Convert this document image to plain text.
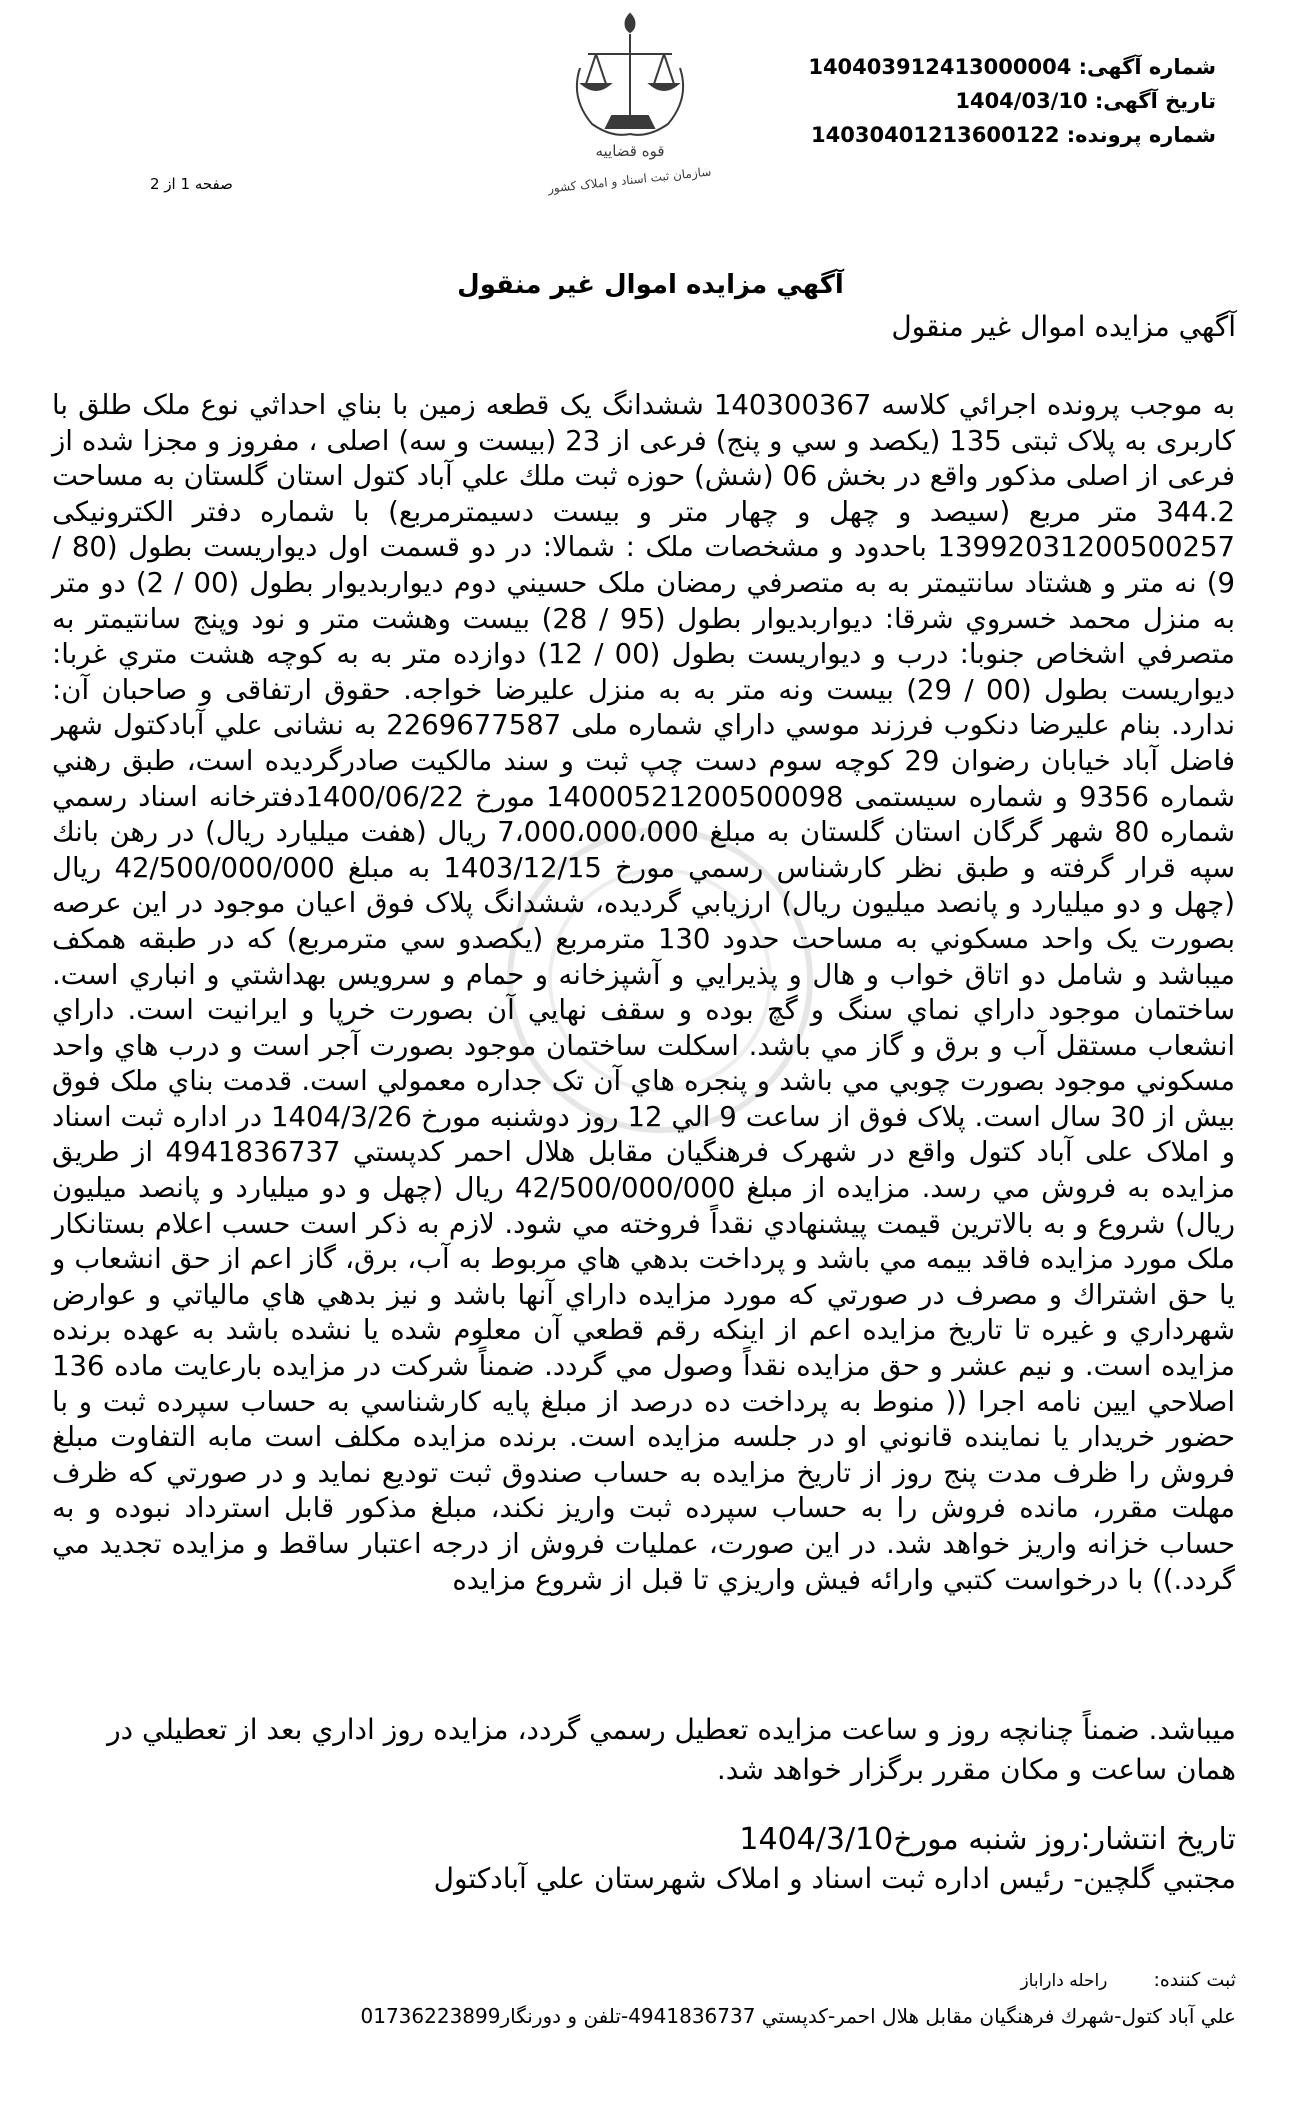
شماره آگهی: 140403912413000004
تاریخ آگهی: 1404/03/10
شماره پرونده: 14030401213600122
قوه قضاییه
سازمان ثبت اسناد و املاک کشور
صفحه 1 از 2
آگهي مزايده اموال غير منقول
آگهي مزايده اموال غير منقول
به موجب پرونده اجرائي كلاسه 140300367 ششدانگ یک قطعه زمین با بناي احداثي نوع ملک طلق با کاربری به پلاک ثبتی 135 (یکصد و سي و پنج) فرعی از 23 (بیست و سه) اصلی ، مفروز و مجزا شده از فرعی از اصلی مذکور واقع در بخش 06 (شش) حوزه ثبت ملك علي آباد كتول استان گلستان به مساحت 344.2 متر مربع (سیصد و چهل و چهار متر و بیست دسیمترمربع) با شماره دفتر الکترونیکی 13992031200500257 باحدود و مشخصات ملک : شمالا: در دو قسمت اول دیواریست بطول (80 / 9) نه متر و هشتاد سانتیمتر به به متصرفي رمضان ملک حسيني دوم ديواربديوار بطول (00 / 2) دو متر به منزل محمد خسروي شرقا: ديواربديوار بطول (95 / 28) بيست وهشت متر و نود وپنج سانتيمتر به متصرفي اشخاص جنوبا: درب و ديواريست بطول (00 / 12) دوازده متر به به کوچه هشت متري غربا: ديواريست بطول (00 / 29) بيست ونه متر به به منزل عليرضا خواجه. حقوق ارتفاقی و صاحبان آن: ندارد. بنام عليرضا دنكوب فرزند موسي داراي شماره ملی 2269677587 به نشانی علي آبادكتول شهر فاضل آباد خيابان رضوان 29 كوچه سوم دست چپ ثبت و سند مالکیت صادرگردیده است، طبق رهني شماره 9356 و شماره سيستمی 14000521200500098 مورخ 1400/06/22دفترخانه اسناد رسمي شماره 80 شهر گرگان استان گلستان به مبلغ 7،000،000،000 ريال (هفت ميليارد ريال) در رهن بانك سپه قرار گرفته و طبق نظر كارشناس رسمي مورخ 1403/12/15 به مبلغ 42/500/000/000 ريال (چهل و دو ميليارد و پانصد ميليون ريال) ارزيابي گرديده، ششدانگ پلاک فوق اعيان موجود در اين عرصه بصورت يک واحد مسكوني به مساحت حدود 130 مترمربع (يكصدو سي مترمربع) كه در طبقه همكف ميباشد و شامل دو اتاق خواب و هال و پذيرايي و آشپزخانه و حمام و سرويس بهداشتي و انباري است. ساختمان موجود داراي نماي سنگ و گچ بوده و سقف نهايي آن بصورت خرپا و ايرانيت است. داراي انشعاب مستقل آب و برق و گاز مي باشد. اسكلت ساختمان موجود بصورت آجر است و درب هاي واحد مسكوني موجود بصورت چوبي مي باشد و پنجره هاي آن تک جداره معمولي است. قدمت بناي ملک فوق بيش از 30 سال است. پلاک فوق از ساعت 9 الي 12 روز دوشنبه مورخ 1404/3/26 در اداره ثبت اسناد و املاک علی آباد کتول واقع در شهرک فرهنگيان مقابل هلال احمر كدپستي 4941836737 از طريق مزايده به فروش مي رسد. مزايده از مبلغ 42/500/000/000 ريال (چهل و دو ميليارد و پانصد ميليون ريال) شروع و به بالاترين قيمت پيشنهادي نقداً فروخته مي شود. لازم به ذکر است حسب اعلام بستانكار ملک مورد مزايده فاقد بيمه مي باشد و پرداخت بدهي هاي مربوط به آب، برق، گاز اعم از حق انشعاب و يا حق اشتراك و مصرف در صورتي كه مورد مزايده داراي آنها باشد و نيز بدهي هاي مالياتي و عوارض شهرداري و غيره تا تاريخ مزايده اعم از اينكه رقم قطعي آن معلوم شده يا نشده باشد به عهده برنده مزايده است. و نيم عشر و حق مزايده نقداً وصول مي گردد. ضمناً شرکت در مزايده بارعايت ماده 136 اصلاحي ايين نامه اجرا (( منوط به پرداخت ده درصد از مبلغ پايه كارشناسي به حساب سپرده ثبت و با حضور خريدار يا نماينده قانوني او در جلسه مزايده است. برنده مزايده مكلف است مابه التفاوت مبلغ فروش را ظرف مدت پنج روز از تاريخ مزايده به حساب صندوق ثبت توديع نمايد و در صورتي كه ظرف مهلت مقرر، مانده فروش را به حساب سپرده ثبت واريز نكند، مبلغ مذكور قابل استرداد نبوده و به حساب خزانه واريز خواهد شد. در اين صورت، عمليات فروش از درجه اعتبار ساقط و مزايده تجديد مي گردد.)) با درخواست كتبي وارائه فيش واريزي تا قبل از شروع مزايده
ميباشد. ضمناً چنانچه روز و ساعت مزايده تعطيل رسمي گردد، مزايده روز اداري بعد از تعطيلي در همان ساعت و مكان مقرر برگزار خواهد شد.
تاريخ انتشار:روز شنبه مورخ1404/3/10
مجتبي گلچين- رئيس اداره ثبت اسناد و املاک شهرستان علي آبادکتول
ثبت کننده: راحله داراباز
علي آباد كتول-شهرك فرهنگيان مقابل هلال احمر-كدپستي 4941836737-تلفن و دورنگار01736223899
